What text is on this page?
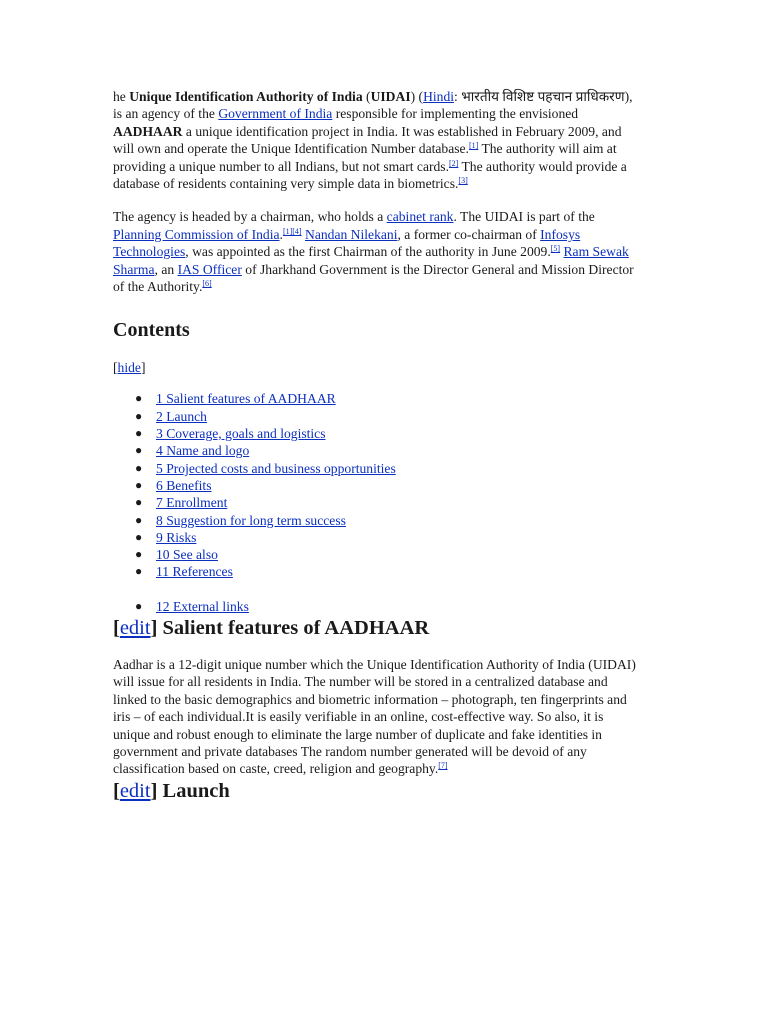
he Unique Identification Authority of India (UIDAI) (Hindi: भारतीय विशिष्ट पहचान प्राधिकरण), is an agency of the Government of India responsible for implementing the envisioned AADHAAR a unique identification project in India. It was established in February 2009, and will own and operate the Unique Identification Number database.[1] The authority will aim at providing a unique number to all Indians, but not smart cards.[2] The authority would provide a database of residents containing very simple data in biometrics.[3]

The agency is headed by a chairman, who holds a cabinet rank. The UIDAI is part of the Planning Commission of India.[1][4] Nandan Nilekani, a former co-chairman of Infosys Technologies, was appointed as the first Chairman of the authority in June 2009.[5] Ram Sewak Sharma, an IAS Officer of Jharkhand Government is the Director General and Mission Director of the Authority.[6]

Contents
[hide]
● 1 Salient features of AADHAAR
● 2 Launch
● 3 Coverage, goals and logistics
● 4 Name and logo
● 5 Projected costs and business opportunities
● 6 Benefits
● 7 Enrollment
● 8 Suggestion for long term success
● 9 Risks
● 10 See also
● 11 References
● 12 External links
[edit] Salient features of AADHAAR

Aadhar is a 12-digit unique number which the Unique Identification Authority of India (UIDAI) will issue for all residents in India. The number will be stored in a centralized database and linked to the basic demographics and biometric information – photograph, ten fingerprints and iris – of each individual.It is easily verifiable in an online, cost-effective way. So also, it is unique and robust enough to eliminate the large number of duplicate and fake identities in government and private databases The random number generated will be devoid of any classification based on caste, creed, religion and geography.[7]

[edit] Launch
